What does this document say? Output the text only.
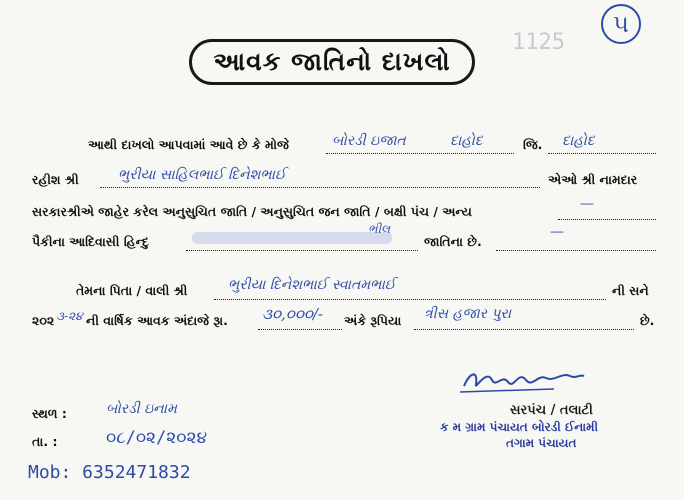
1125
૫
આવક જાતિનો દાખલો
આથી દાખલો આપવામાં આવે છે કે મોજે	બોરડી ઇજાત	દાહોદ	જિ. દાહોદ
રહીશ શ્રી	ભુરીયા સાહિલભાઈ દિનેશભાઈ	એઓ શ્રી નામદાર
સરકારશ્રીએ જાહેર કરેલ અનુસુચિત જાતિ / અનુસુચિત જન જાતિ / બક્ષી પંચ / અન્ય	—
પૈકીના આદિવાસી હિન્દુ
ભીલ
જાતિના છે.
—
તેમના પિતા / વાલી શ્રી	ભુરીયા દિનેશભાઈ સ્વાતમભાઈ	ની સને
૨૦૨ ૩-૨૪ ની વાર્ષિક આવક અંદાજે રૂા. ૩૦,૦૦૦/- અંકે રૂપિયા ત્રીસ હજાર પુરા	છે.
સ્થળ :	બોરડી ઇનામ
તા. :	૦૮/૦૨/૨૦૨૪
Mob: 6352471832
સરપંચ / તલાટી
ક મ ગ્રામ પંચાયત બોરડી ઈનામી
તગામ પંચાયત
